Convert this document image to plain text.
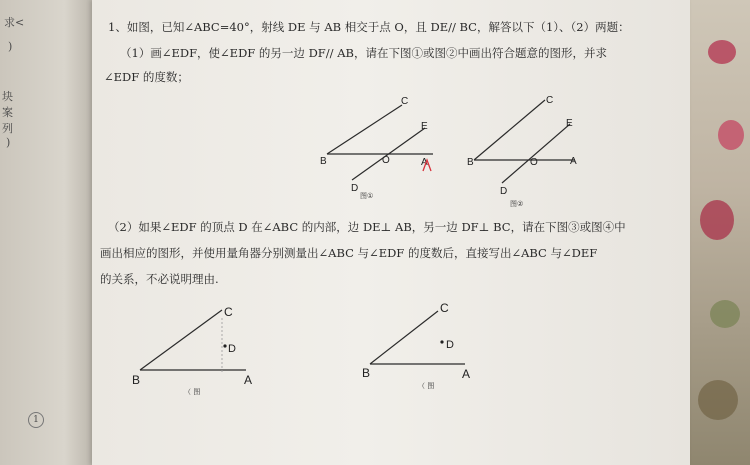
求<
)
块
案
列
)
1
1、如图，已知∠ABC=40°，射线 DE 与 AB 相交于点 O，且 DE// BC，解答以下（1）、（2）两题：
（1）画∠EDF，使∠EDF 的另一边 DF// AB，请在下图①或图②中画出符合题意的图形，并求
∠EDF 的度数；
（2）如果∠EDF 的顶点 D 在∠ABC 的内部，边 DE⊥ AB，另一边 DF⊥ BC，请在下图③或图④中
画出相应的图形，并使用量角器分别测量出∠ABC 与∠EDF 的度数后，直接写出∠ABC 与∠DEF
的关系，不必说明理由.
B	O	A
C
E
D
图①
B	O	A
C
E
D
图②
B	A
C
D
（ 图
B	A
C
D
（ 图
